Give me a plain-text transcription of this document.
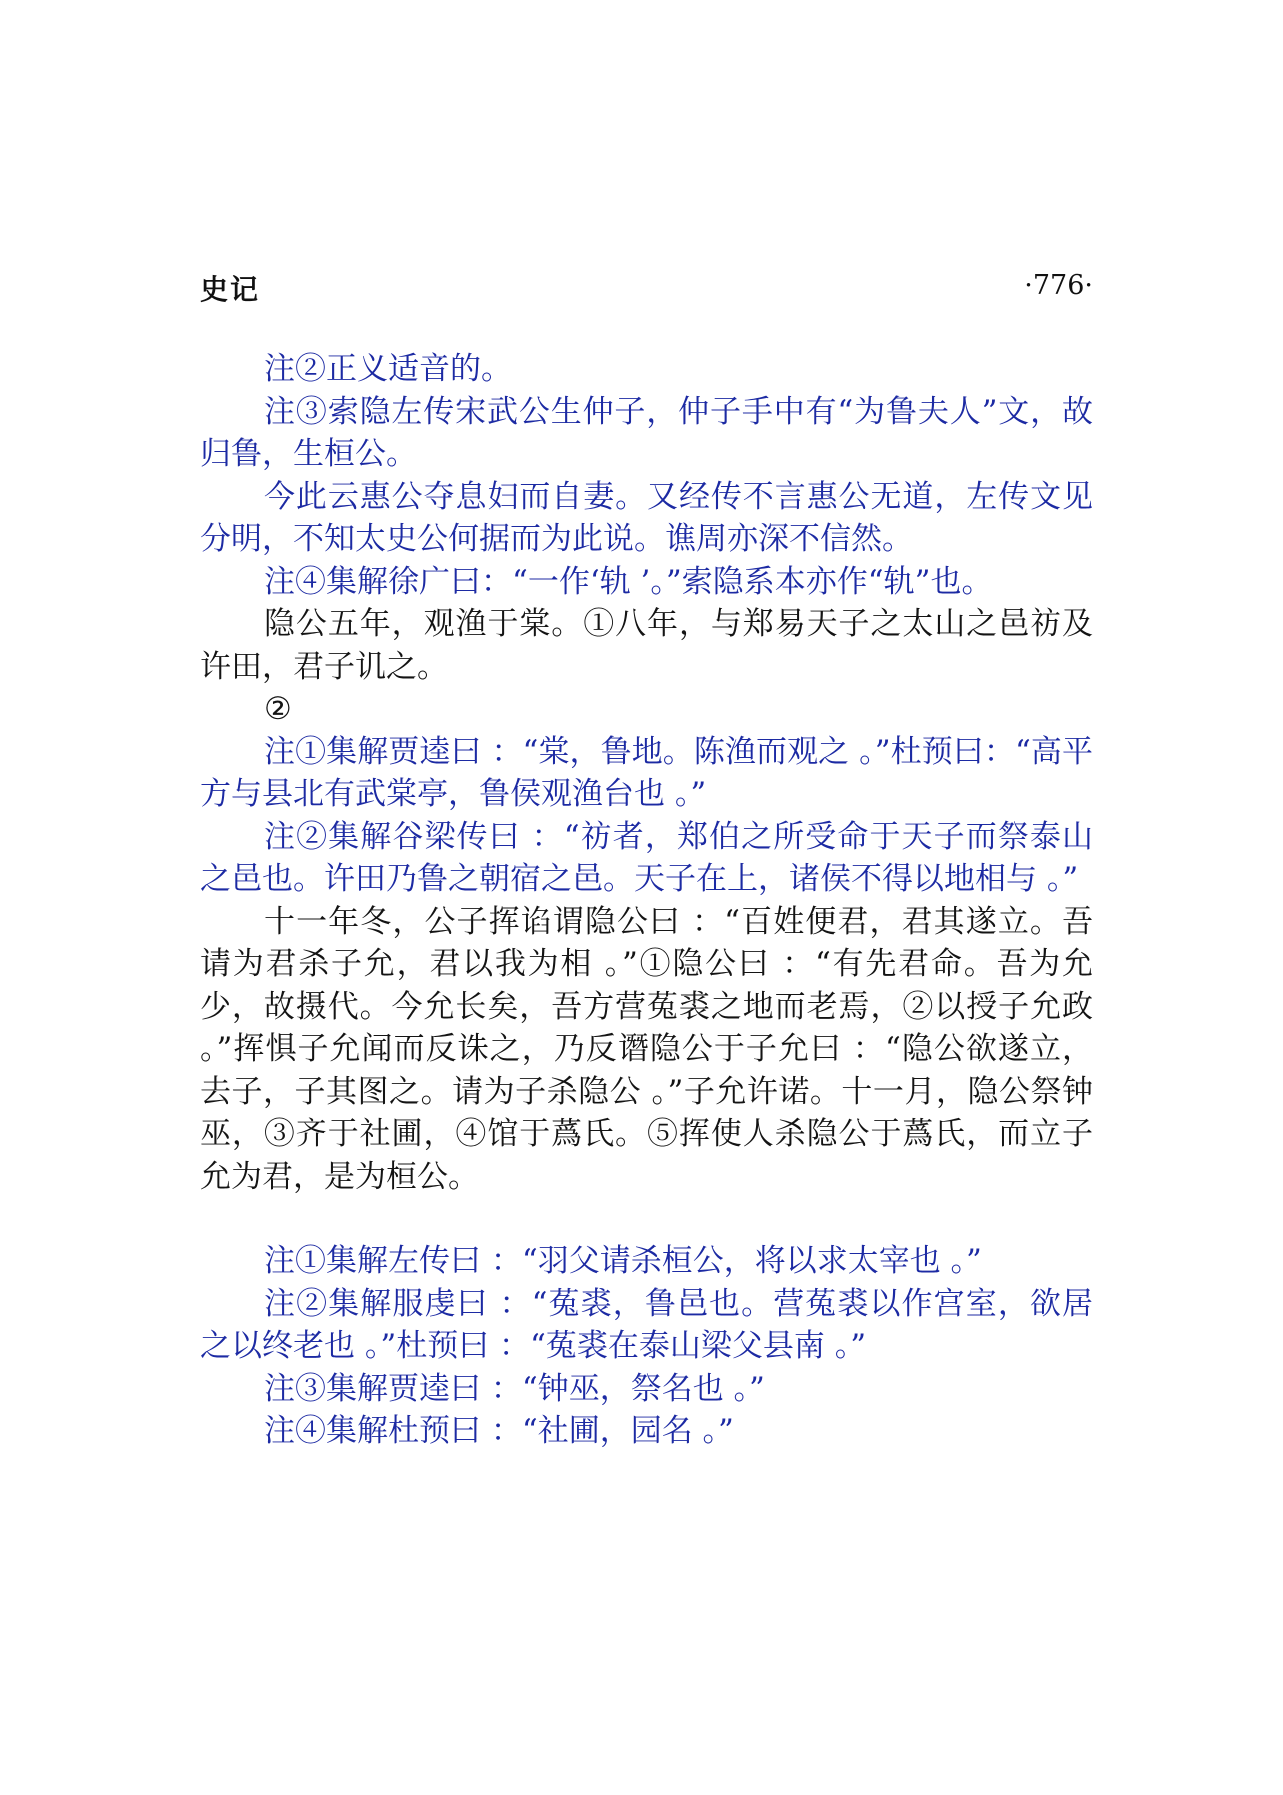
史记	·776·

注②正义适音的。

注③索隐左传宋武公生仲子，仲子手中有“为鲁夫人”文，故归鲁，生桓公。

今此云惠公夺息妇而自妻。又经传不言惠公无道，左传文见分明，不知太史公何据而为此说。谯周亦深不信然。

注④集解徐广曰：“一作‘轨 ’。”索隐系本亦作“轨”也。

隐公五年，观渔于棠。①八年，与郑易天子之太山之邑祊及许田，君子讥之。

②

注①集解贾逵曰 ：“棠，鲁地。陈渔而观之 。”杜预曰：“高平方与县北有武棠亭，鲁侯观渔台也 。”

注②集解谷梁传曰 ：“祊者，郑伯之所受命于天子而祭泰山之邑也。许田乃鲁之朝宿之邑。天子在上，诸侯不得以地相与 。”

十一年冬，公子挥谄谓隐公曰 ：“百姓便君，君其遂立。吾请为君杀子允，君以我为相 。”①隐公曰 ：“有先君命。吾为允少，故摄代。今允长矣，吾方营菟裘之地而老焉，②以授子允政 。”挥惧子允闻而反诛之，乃反谮隐公于子允曰 ：“隐公欲遂立，去子，子其图之。请为子杀隐公 。”子允许诺。十一月，隐公祭钟巫，③齐于社圃，④馆于蔿氏。⑤挥使人杀隐公于蔿氏，而立子允为君，是为桓公。

注①集解左传曰 ：“羽父请杀桓公，将以求太宰也 。”

注②集解服虔曰 ：“菟裘，鲁邑也。营菟裘以作宫室，欲居之以终老也 。”杜预曰 ：“菟裘在泰山梁父县南 。”

注③集解贾逵曰 ：“钟巫，祭名也 。”

注④集解杜预曰 ：“社圃，园名 。”
